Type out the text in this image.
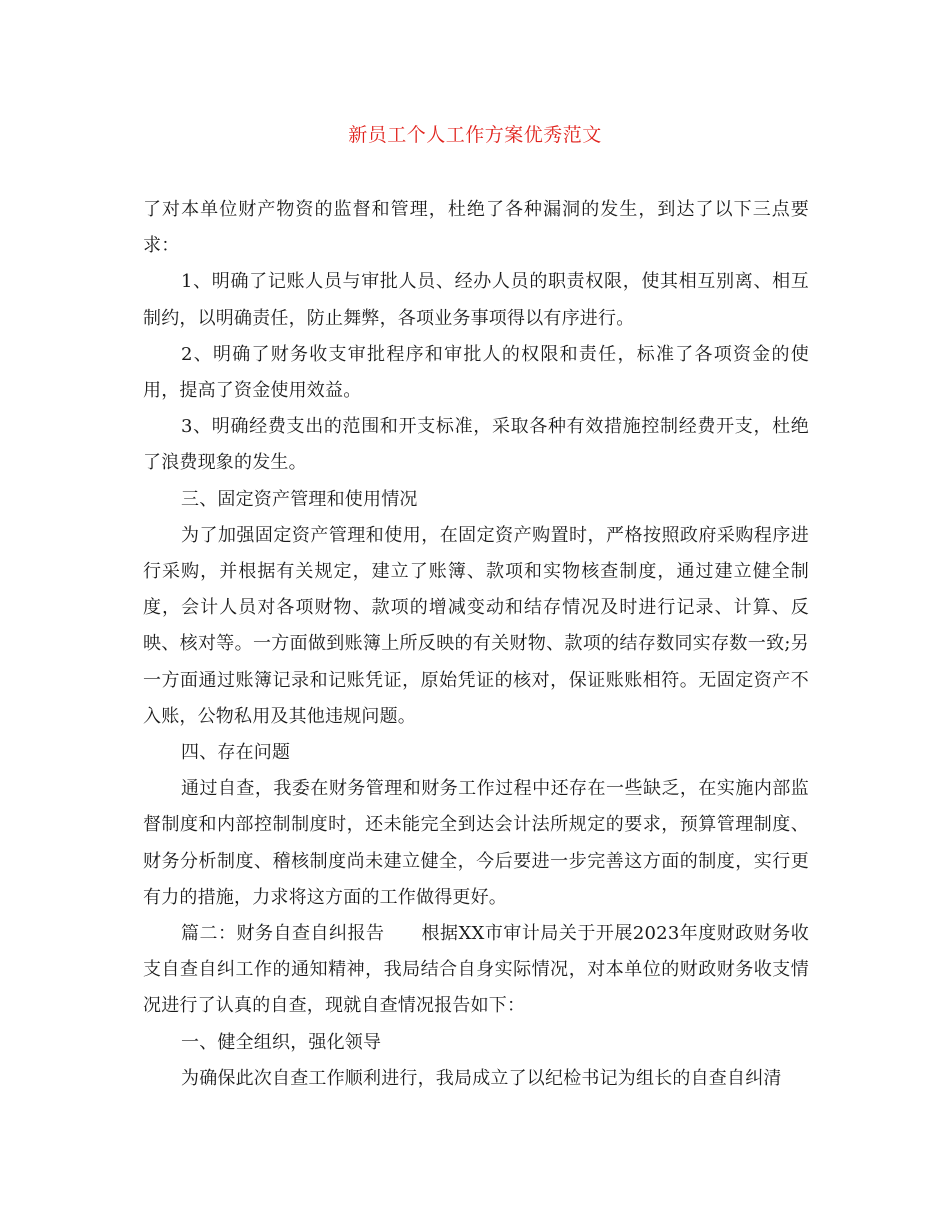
新员工个人工作方案优秀范文

了对本单位财产物资的监督和管理，杜绝了各种漏洞的发生，到达了以下三点要求：

1、明确了记账人员与审批人员、经办人员的职责权限，使其相互别离、相互制约，以明确责任，防止舞弊，各项业务事项得以有序进行。

2、明确了财务收支审批程序和审批人的权限和责任，标准了各项资金的使用，提高了资金使用效益。

3、明确经费支出的范围和开支标准，采取各种有效措施控制经费开支，杜绝了浪费现象的发生。

三、固定资产管理和使用情况

为了加强固定资产管理和使用，在固定资产购置时，严格按照政府采购程序进行采购，并根据有关规定，建立了账簿、款项和实物核查制度，通过建立健全制度，会计人员对各项财物、款项的增减变动和结存情况及时进行记录、计算、反映、核对等。一方面做到账簿上所反映的有关财物、款项的结存数同实存数一致;另一方面通过账簿记录和记账凭证，原始凭证的核对，保证账账相符。无固定资产不入账，公物私用及其他违规问题。

四、存在问题

通过自查，我委在财务管理和财务工作过程中还存在一些缺乏，在实施内部监督制度和内部控制制度时，还未能完全到达会计法所规定的要求，预算管理制度、财务分析制度、稽核制度尚未建立健全，今后要进一步完善这方面的制度，实行更有力的措施，力求将这方面的工作做得更好。

篇二：财务自查自纠报告　　根据XX市审计局关于开展2023年度财政财务收支自查自纠工作的通知精神，我局结合自身实际情况，对本单位的财政财务收支情况进行了认真的自查，现就自查情况报告如下：

一、健全组织，强化领导

为确保此次自查工作顺利进行，我局成立了以纪检书记为组长的自查自纠清
